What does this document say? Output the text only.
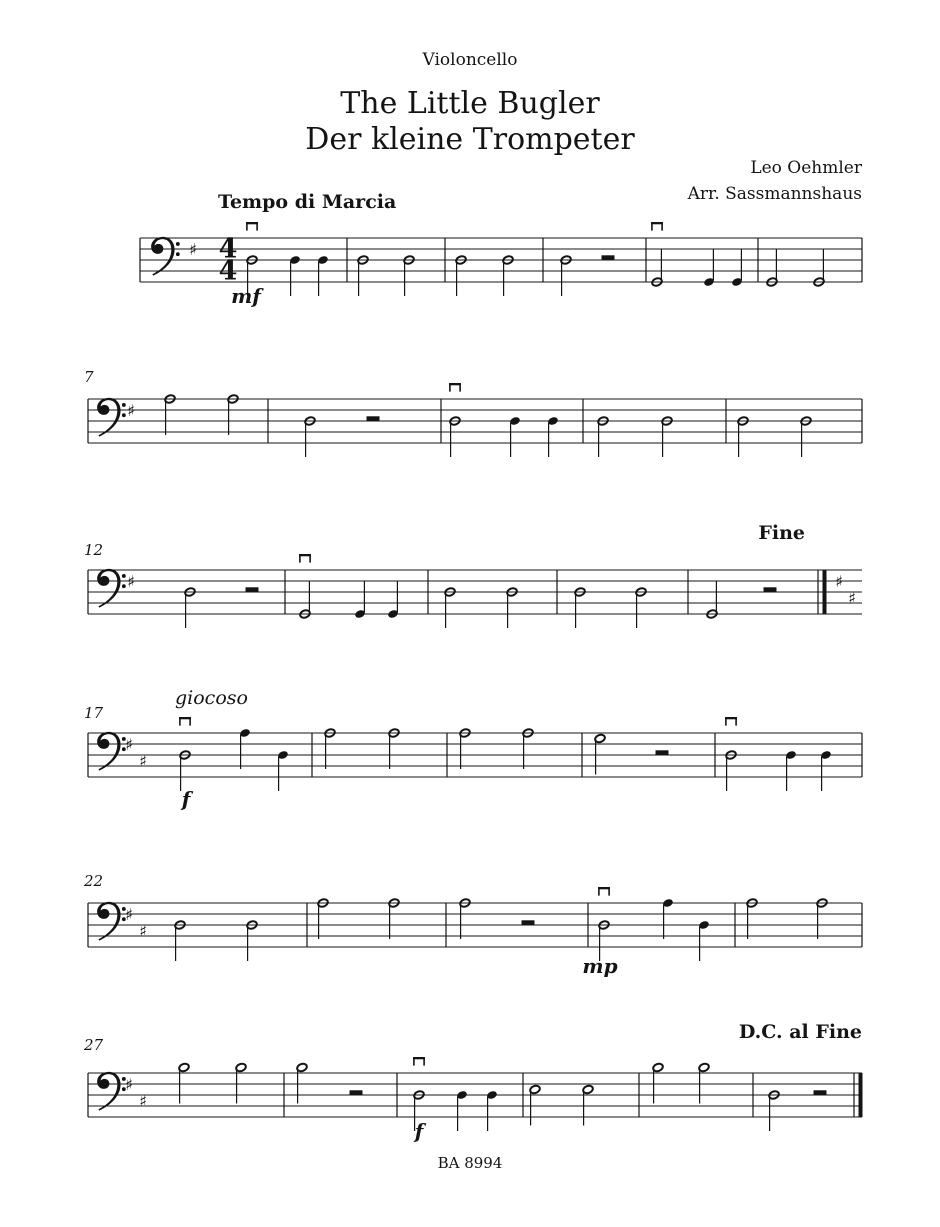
Violoncello
The Little Bugler
Der kleine Trompeter
Leo Oehmler
Arr. Sassmannshaus
♯ 4
4
mf
♯
7
♯
12
♯
♯
♯
♯
17
f
♯
♯
22
mp
♯
♯
27
f
Tempo di Marcia
giocoso
Fine
D.C. al Fine
BA 8994
